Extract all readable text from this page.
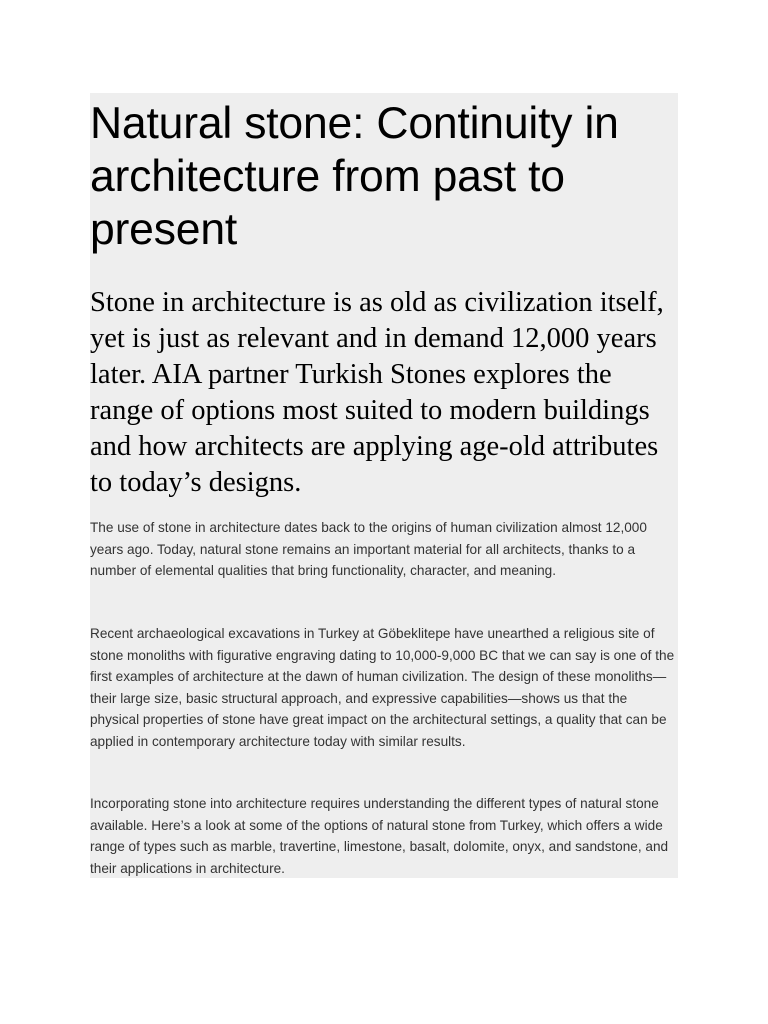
Natural stone: Continuity in architecture from past to present

Stone in architecture is as old as civilization itself, yet is just as relevant and in demand 12,000 years later. AIA partner Turkish Stones explores the range of options most suited to modern buildings and how architects are applying age-old attributes to today’s designs.

The use of stone in architecture dates back to the origins of human civilization almost 12,000 years ago. Today, natural stone remains an important material for all architects, thanks to a number of elemental qualities that bring functionality, character, and meaning.

Recent archaeological excavations in Turkey at Göbeklitepe have unearthed a religious site of stone monoliths with figurative engraving dating to 10,000-9,000 BC that we can say is one of the first examples of architecture at the dawn of human civilization. The design of these monoliths—their large size, basic structural approach, and expressive capabilities—shows us that the physical properties of stone have great impact on the architectural settings, a quality that can be applied in contemporary architecture today with similar results.

Incorporating stone into architecture requires understanding the different types of natural stone available. Here’s a look at some of the options of natural stone from Turkey, which offers a wide range of types such as marble, travertine, limestone, basalt, dolomite, onyx, and sandstone, and their applications in architecture.
